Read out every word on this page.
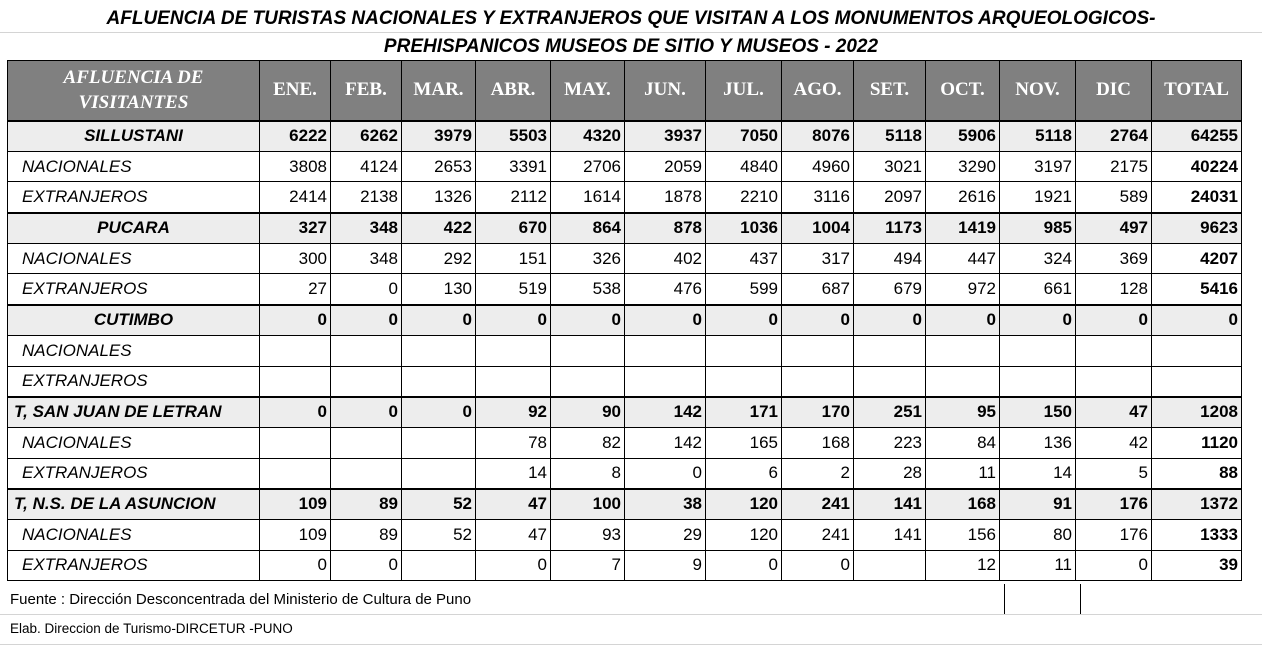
AFLUENCIA DE TURISTAS NACIONALES Y EXTRANJEROS QUE VISITAN A LOS MONUMENTOS ARQUEOLOGICOS-
PREHISPANICOS MUSEOS DE SITIO Y MUSEOS - 2022
AFLUENCIA DE
VISITANTES	ENE.	FEB.	MAR.	ABR.	MAY.	JUN.	JUL.	AGO.	SET.	OCT.	NOV.	DIC	TOTAL
SILLUSTANI	6222	6262	3979	5503	4320	3937	7050	8076	5118	5906	5118	2764	64255
NACIONALES	3808	4124	2653	3391	2706	2059	4840	4960	3021	3290	3197	2175	40224
EXTRANJEROS	2414	2138	1326	2112	1614	1878	2210	3116	2097	2616	1921	589	24031
PUCARA	327	348	422	670	864	878	1036	1004	1173	1419	985	497	9623
NACIONALES	300	348	292	151	326	402	437	317	494	447	324	369	4207
EXTRANJEROS	27	0	130	519	538	476	599	687	679	972	661	128	5416
CUTIMBO	0	0	0	0	0	0	0	0	0	0	0	0	0
NACIONALES													
EXTRANJEROS													
T, SAN JUAN DE LETRAN	0	0	0	92	90	142	171	170	251	95	150	47	1208
NACIONALES				78	82	142	165	168	223	84	136	42	1120
EXTRANJEROS				14	8	0	6	2	28	11	14	5	88
T, N.S. DE LA ASUNCION	109	89	52	47	100	38	120	241	141	168	91	176	1372
NACIONALES	109	89	52	47	93	29	120	241	141	156	80	176	1333
EXTRANJEROS	0	0		0	7	9	0	0		12	11	0	39
Fuente : Dirección Desconcentrada del Ministerio de Cultura de Puno
Elab. Direccion de Turismo-DIRCETUR -PUNO
